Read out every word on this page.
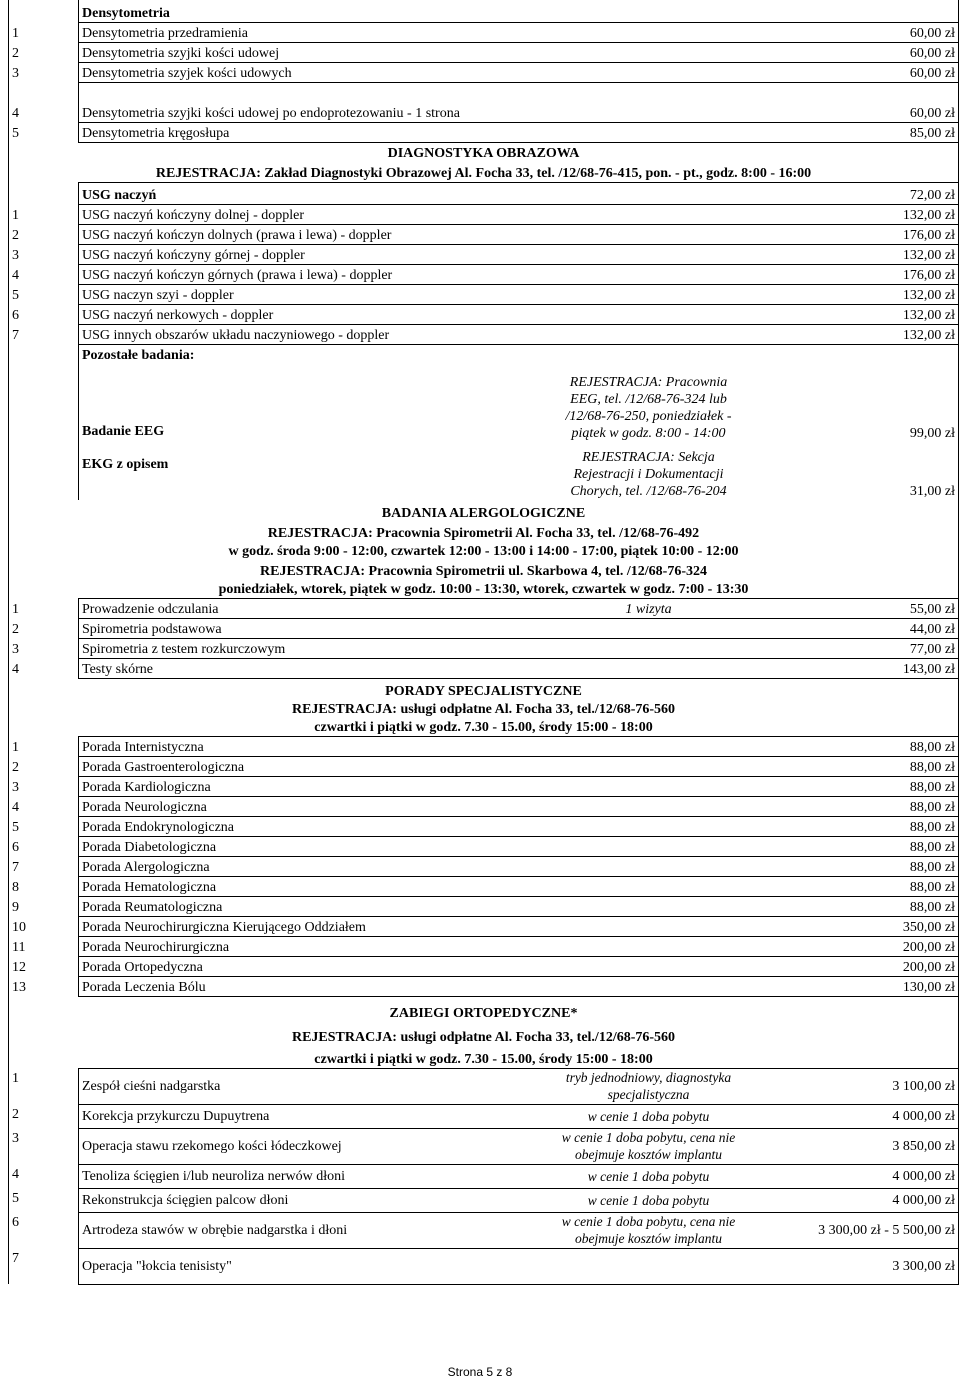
	Densytometria		
1	Densytometria przedramienia		60,00 zł
2	Densytometria szyjki kości udowej		60,00 zł
3	Densytometria szyjek kości udowych		60,00 zł
4	Densytometria szyjki kości udowej po endoprotezowaniu - 1 strona		60,00 zł
5	Densytometria kręgosłupa		85,00 zł
DIAGNOSTYKA OBRAZOWA			
REJESTRACJA: Zakład Diagnostyki Obrazowej Al. Focha 33, tel. /12/68-76-415, pon. - pt., godz. 8:00 - 16:00			
	USG naczyń		72,00 zł
1	USG naczyń kończyny dolnej - doppler		132,00 zł
2	USG naczyń kończyn dolnych (prawa i lewa) - doppler		176,00 zł
3	USG naczyń kończyny górnej - doppler		132,00 zł
4	USG naczyń kończyn górnych (prawa i lewa) - doppler		176,00 zł
5	USG naczyn szyi - doppler		132,00 zł
6	USG naczyń nerkowych - doppler		132,00 zł
7	USG innych obszarów układu naczyniowego - doppler		132,00 zł
	Pozostałe badania:		
	Badanie EEG	REJESTRACJA: Pracownia EEG, tel. /12/68-76-324 lub /12/68-76-250, poniedziałek - piątek w godz. 8:00 - 14:00	99,00 zł
	EKG z opisem	REJESTRACJA: Sekcja Rejestracji i Dokumentacji Chorych, tel. /12/68-76-204	31,00 zł
BADANIA ALERGOLOGICZNE			
REJESTRACJA: Pracownia Spirometrii Al. Focha 33, tel. /12/68-76-492			
w godz. środa 9:00 - 12:00, czwartek 12:00 - 13:00 i 14:00 - 17:00, piątek 10:00 - 12:00			
REJESTRACJA: Pracownia Spirometrii ul. Skarbowa 4, tel. /12/68-76-324			
poniedziałek, wtorek, piątek w godz. 10:00 - 13:30, wtorek, czwartek w godz. 7:00 - 13:30			
1	Prowadzenie odczulania	1 wizyta	55,00 zł
2	Spirometria podstawowa		44,00 zł
3	Spirometria z testem rozkurczowym		77,00 zł
4	Testy skórne		143,00 zł
PORADY SPECJALISTYCZNE			
REJESTRACJA: usługi odpłatne Al. Focha 33, tel./12/68-76-560			
czwartki i piątki w godz. 7.30 - 15.00, środy 15:00 - 18:00			
1	Porada Internistyczna		88,00 zł
2	Porada Gastroenterologiczna		88,00 zł
3	Porada Kardiologiczna		88,00 zł
4	Porada Neurologiczna		88,00 zł
5	Porada Endokrynologiczna		88,00 zł
6	Porada Diabetologiczna		88,00 zł
7	Porada Alergologiczna		88,00 zł
8	Porada Hematologiczna		88,00 zł
9	Porada Reumatologiczna		88,00 zł
10	Porada Neurochirurgiczna Kierującego Oddziałem		350,00 zł
11	Porada Neurochirurgiczna		200,00 zł
12	Porada Ortopedyczna		200,00 zł
13	Porada Leczenia Bólu		130,00 zł
ZABIEGI ORTOPEDYCZNE*			
REJESTRACJA: usługi odpłatne Al. Focha 33, tel./12/68-76-560			
czwartki i piątki w godz. 7.30 - 15.00, środy 15:00 - 18:00			
1	Zespół cieśni nadgarstka	tryb jednodniowy, diagnostyka specjalistyczna	3 100,00 zł
2	Korekcja przykurczu Dupuytrena	w cenie 1 doba pobytu	4 000,00 zł
3	Operacja stawu rzekomego kości łódeczkowej	w cenie 1 doba pobytu, cena nie obejmuje kosztów implantu	3 850,00 zł
4	Tenoliza ścięgien i/lub neuroliza nerwów dłoni	w cenie 1 doba pobytu	4 000,00 zł
5	Rekonstrukcja ścięgien palcow dłoni	w cenie 1 doba pobytu	4 000,00 zł
6	Artrodeza stawów w obrębie nadgarstka i dłoni	w cenie 1 doba pobytu, cena nie obejmuje kosztów implantu	3 300,00 zł - 5 500,00 zł
7	Operacja "łokcia tenisisty"		3 300,00 zł
Strona 5 z 8
